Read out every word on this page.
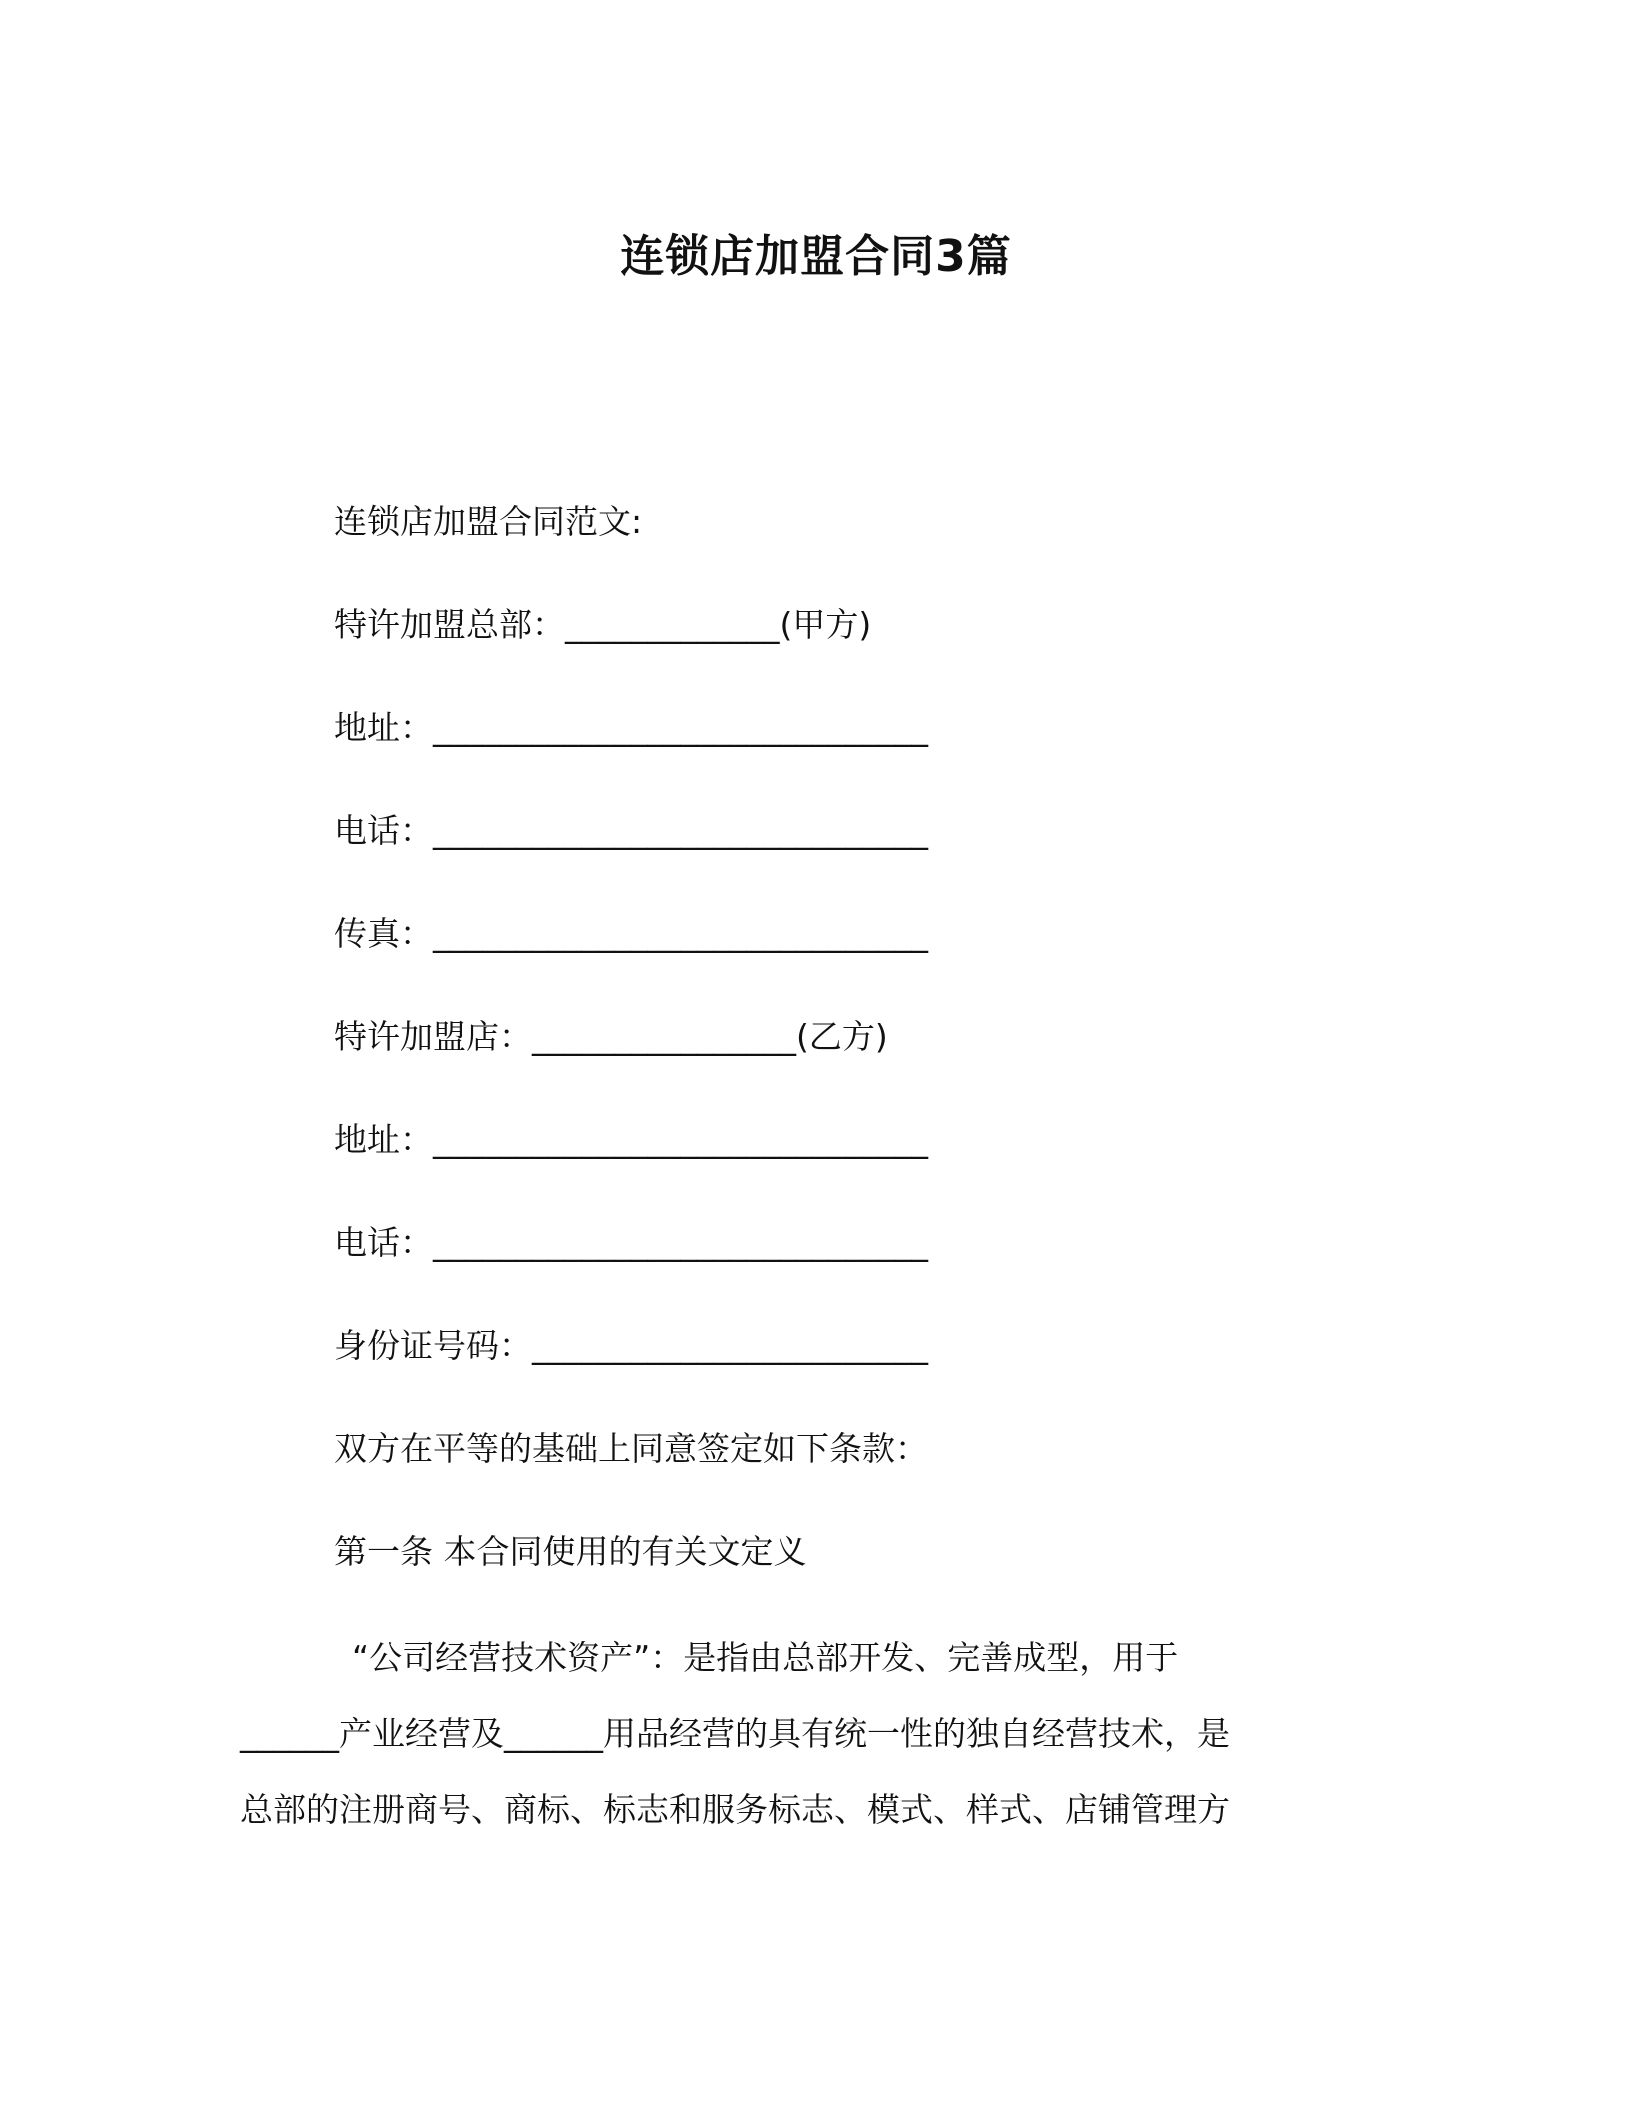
连锁店加盟合同3篇
连锁店加盟合同范文:
特许加盟总部：_____________(甲方)
地址：______________________________
电话：______________________________
传真：______________________________
特许加盟店：________________(乙方)
地址：______________________________
电话：______________________________
身份证号码：________________________
双方在平等的基础上同意签定如下条款：
第一条 本合同使用的有关文定义
“公司经营技术资产”：是指由总部开发、完善成型，用于
______产业经营及______用品经营的具有统一性的独自经营技术，是
总部的注册商号、商标、标志和服务标志、模式、样式、店铺管理方
